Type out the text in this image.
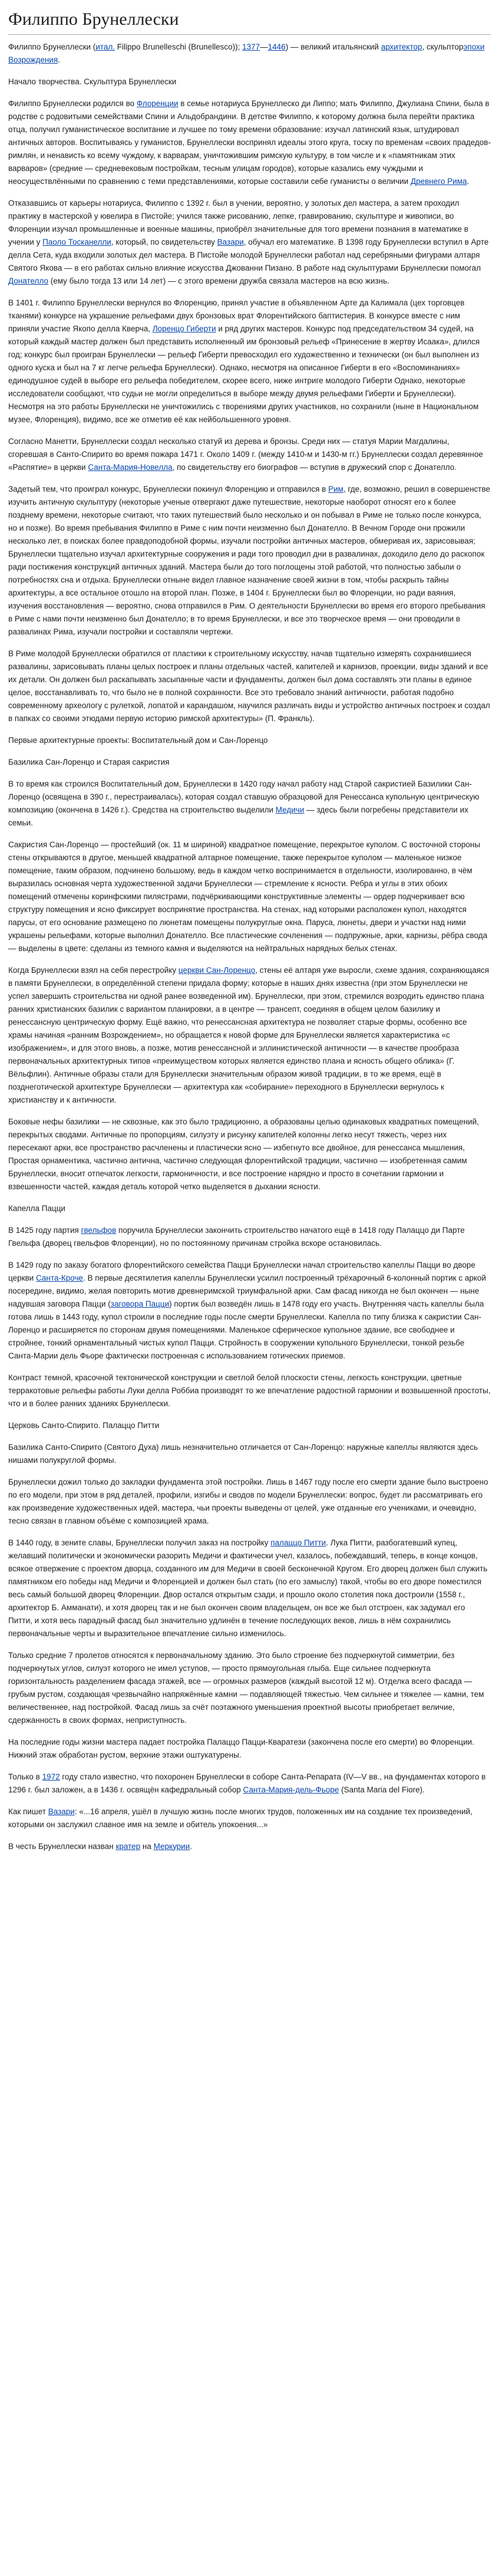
Филиппо Брунеллески

Филиппо Брунеллески (итал. Filippo Brunelleschi (Brunellesco)); 1377—1446) — великий итальянский архитектор, скульпторэпохи Возрождения.

Начало творчества. Скульптура Брунеллески

Филиппо Брунеллески родился во Флоренции в семье нотариуса Брунеллеско ди Липпо; мать Филиппо, Джулиана Спини, была в родстве с родовитыми семействами Спини и Альдобрандини. В детстве Филиппо, к которому должна была перейти практика отца, получил гуманистическое воспитание и лучшее по тому времени образование: изучал латинский язык, штудировал античных авторов. Воспитываясь у гуманистов, Брунеллески воспринял идеалы этого круга, тоску по временам «своих прадедов-римлян, и ненависть ко всему чуждому, к варварам, уничтожившим римскую культуру, в том числе и к «памятникам этих варваров» (средние — средневековым постройкам, тесным улицам городов), которые казались ему чуждыми и неосуществлёнными по сравнению с теми представлениями, которые составили себе гуманисты о величии Древнего Рима.

Отказавшись от карьеры нотариуса, Филиппо с 1392 г. был в учении, вероятно, у золотых дел мастера, а затем проходил практику в мастерской у ювелира в Пистойе; учился также рисованию, лепке, гравированию, скульптуре и живописи, во Флоренции изучал промышленные и военные машины, приобрёл значительные для того времени познания в математике в учении у Паоло Тосканелли, который, по свидетельству Вазари, обучал его математике. В 1398 году Брунеллески вступил в Арте делла Сета, куда входили золотых дел мастера. В Пистойе молодой Брунеллески работал над серебряными фигурами алтаря Святого Якова — в его работах сильно влияние искусства Джованни Пизано. В работе над скульптурами Брунеллески помогал Донателло (ему было тогда 13 или 14 лет) — с этого времени дружба связала мастеров на всю жизнь.

В 1401 г. Филиппо Брунеллески вернулся во Флоренцию, принял участие в объявленном Арте да Калимала (цех торговцев тканями) конкурсе на украшение рельефами двух бронзовых врат Флорентийского баптистерия. В конкурсе вместе с ним приняли участие Якопо делла Кверча, Лоренцо Гиберти и ряд других мастеров. Конкурс под председательством 34 судей, на который каждый мастер должен был представить исполненный им бронзовый рельеф «Принесение в жертву Исаака», длился год; конкурс был проигран Брунеллески — рельеф Гиберти превосходил его художественно и технически (он был выполнен из одного куска и был на 7 кг легче рельефа Брунеллески). Однако, несмотря на описанное Гиберти в его «Воспоминаниях» единодушное судей в выборе его рельефа победителем, скорее всего, ниже интриге молодого Гиберти Однако, некоторые исследователи сообщают, что судьи не могли определиться в выборе между двумя рельефами Гиберти и Брунеллески). Несмотря на это работы Брунеллески не уничтожились с творениями других участников, но сохранили (ныне в Национальном музее, Флоренция), видимо, все же отметив её как нейбольшенного уровня.

Согласно Манетти, Брунеллески создал несколько статуй из дерева и бронзы. Среди них — статуя Марии Магдалины, сгоревшая в Санто-Спирито во время пожара 1471 г. Около 1409 г. (между 1410-м и 1430-м гг.) Брунеллески создал деревянное «Распятие» в церкви Санта-Мария-Новелла, по свидетельству его биографов — вступив в дружеский спор с Донателло.

Задетый тем, что проиграл конкурс, Брунеллески покинул Флоренцию и отправился в Рим, где, возможно, решил в совершенстве изучить античную скульптуру (некоторые ученые отвергают даже путешествие, некоторые наоборот относят его к более позднему времени, некоторые считают, что таких путешествий было несколько и он побывал в Риме не только после конкурса, но и позже). Во время пребывания Филиппо в Риме с ним почти неизменно был Донателло. В Вечном Городе они прожили несколько лет, в поисках более правдоподобной формы, изучали постройки античных мастеров, обмеривая их, зарисовывая; Брунеллески тщательно изучал архитектурные сооружения и ради того проводил дни в развалинах, доходило дело до раскопок ради постижения конструкций античных зданий. Мастера были до того поглощены этой работой, что полностью забыли о потребностях сна и отдыха. Брунеллески отныне видел главное назначение своей жизни в том, чтобы раскрыть тайны архитектуры, а все остальное отошло на второй план. Позже, в 1404 г. Брунеллески был во Флоренции, но ради ваяния, изучения восстановления — вероятно, снова отправился в Рим. О деятельности Брунеллески во время его второго пребывания в Риме с нами почти неизменно был Донателло; в то время Брунеллески, и все это творческое время — они проводили в развалинах Рима, изучали постройки и составляли чертежи.

В Риме молодой Брунеллески обратился от пластики к строительному искусству, начав тщательно измерять сохранившиеся развалины, зарисовывать планы целых построек и планы отдельных частей, капителей и карнизов, проекции, виды зданий и все их детали. Он должен был раскапывать засыпанные части и фундаменты, должен был дома составлять эти планы в единое целое, восстанавливать то, что было не в полной сохранности. Все это требовало знаний античности, работая подобно современному археологу с рулеткой, лопатой и карандашом, научился различать виды и устройство античных построек и создал в папках со своими этюдами первую историю римской архитектуры» (П. Франкль).

Первые архитектурные проекты: Воспитательный дом и Сан-Лоренцо

Базилика Сан-Лоренцо и Старая сакристия

В то время как строился Воспитательный дом, Брунеллески в 1420 году начал работу над Старой сакристией Базилики Сан-Лоренцо (освящена в 390 г., перестраивалась), которая создал ставшую образцовой для Ренессанса купольную центрическую композицию (окончена в 1426 г.). Средства на строительство выделили Медичи — здесь были погребены представители их семьи.

Сакристия Сан-Лоренцо — простейший (ок. 11 м шириной) квадратное помещение, перекрытое куполом. С восточной стороны стены открываются в другое, меньшей квадратной алтарное помещение, также перекрытое куполом — маленькое низкое помещение, таким образом, подчинено большому, ведь в каждом четко воспринимается в отдельности, изолированно, в чём выразилась основная черта художественной задачи Брунеллески — стремление к ясности. Ребра и углы в этих обоих помещений отмечены коринфскими пилястрами, подчёркивающими конструктивные элементы — ордер подчеркивает всю структуру помещения и ясно фиксирует воспринятие пространства. На стенах, над которыми расположен купол, находятся парусы, от его основание размещено по люнетам помещены полукруглые окна. Паруса, люнеты, двери и участки над ними украшены рельефами, которые выполнил Донателло. Все пластические сочленения — подпружные, арки, карнизы, рёбра свода — выделены в цвете: сделаны из темного камня и выделяются на нейтральных нарядных белых стенах.

Когда Брунеллески взял на себя перестройку церкви Сан-Лоренцо, стены её алтаря уже выросли, схеме здания, сохраняющаяся в памяти Брунеллески, в определённой степени придала форму; которые в наших днях известна (при этом Брунеллески не успел завершить строительства ни одной ранее возведенной им). Брунеллески, при этом, стремился возродить единство плана ранних христианских базилик с вариантом планировки, а в центре — трансепт, соединяя в общем целом базилику и ренессансную центрическую форму. Ещё важно, что ренессансная архитектура не позволяет старые формы, особенно все храмы начиная «ранним Возрождением», но обращается к новой форме для Брунеллески является характеристика «с изображением», и для этого вновь, а позже, мотив ренессансной и эллинистической античности — в качестве прообраза первоначальных архитектурных типов «преимуществом которых является единство плана и ясность общего облика» (Г. Вёльфлин). Античные образы стали для Брунеллески значительным образом живой традиции, в то же время, ещё в позднеготической архитектуре Брунеллески — архитектура как «собирание» переходного в Брунеллески вернулось к христианству и к античности.

Боковые нефы базилики — не сквозные, как это было традиционно, а образованы целью одинаковых квадратных помещений, перекрытых сводами. Античные по пропорциям, силуэту и рисунку капителей колонны легко несут тяжесть, через них пересекают арки, все пространство расчленены и пластически ясно — избегнуто все двойное, для ренессанса мышления, Простая орнаментика, частично антична, частично следующая флорентийской традиции, частично — изобретенная самим Брунеллески, вносит отпечаток легкости, гармоничности, и все построение нарядно и просто в сочетании гармонии и взвешенности частей, каждая деталь которой четко выделяется в дыхании ясности.

Капелла Пацци

В 1425 году партия гвельфов поручила Брунеллески закончить строительство начатого ещё в 1418 году Палаццо ди Парте Гвельфа (дворец гвельфов Флоренции), но по постоянному причинам стройка вскоре остановилась.

В 1429 году по заказу богатого флорентийского семейства Пацци Брунеллески начал строительство капеллы Пацци во дворе церкви Санта-Кроче. В первые десятилетия капеллы Брунеллески усилил построенный трёхарочный 6-колонный портик с аркой посередине, видимо, желая повторить мотив древнеримской триумфальной арки. Сам фасад никогда не был окончен — ныне надувшая заговора Пацци (заговора Пацци) портик был возведён лишь в 1478 году его участь. Внутренняя часть капеллы была готова лишь в 1443 году, купол строили в последние годы после смерти Брунеллески. Капелла по типу близка к сакристии Сан-Лоренцо и расширяется по сторонам двумя помещениями. Маленькое сферическое купольное здание, все свободнее и стройнее, тонкий орнаментальный чистых купол Пацци. Стройность в сооружении купольного Брунеллески, тонкой резьбе Санта-Марии дель Фьоре фактически построенная с использованием готических приемов.

Контраст темной, красочной тектонической конструкции и светлой белой плоскости стены, легкость конструкции, цветные терракотовые рельефы работы Луки делла Роббиа производят то же впечатление радостной гармонии и возвышенной простоты, что и в более ранних зданиях Брунеллески.

Церковь Санто-Спирито. Палаццо Питти

Базилика Санто-Спирито (Святого Духа) лишь незначительно отличается от Сан-Лоренцо: наружные капеллы являются здесь нишами полукруглой формы.

Брунеллески дожил только до закладки фундамента этой постройки. Лишь в 1467 году после его смерти здание было выстроено по его модели, при этом в ряд деталей, профили, изгибы и сводов по модели Брунеллески: вопрос, будет ли рассматривать его как произведение художественных идей, мастера, чьи проекты выведены от целей, уже отданные его учениками, и очевидно, тесно связан в главном объёме с композицией храма.

В 1440 году, в зените славы, Брунеллески получил заказ на постройку палаццо Питти. Лука Питти, разбогатевший купец, желавший политически и экономически разорить Медичи и фактически учел, казалось, побеждавший, теперь, в конце концов, всякое отвержение с проектом дворца, созданного им для Медичи в своей бесконечной Кругом. Его дворец должен был служить памятником его победы над Медичи и Флоренцией и должен был стать (по его замыслу) такой, чтобы во его дворе поместился весь самый большой дворец Флоренции. Двор остался открытым сзади, и прошло около столетия пока достроили (1558 г., архитектор Б. Амманати), и хотя дворец так и не был окончен своим владельцем, он все же был отстроен, как задумал его Питти, и хотя весь парадный фасад был значительно удлинён в течение последующих веков, лишь в нём сохранились первоначальные черты и выразительное впечатление сильно изменилось.

Только средние 7 пролетов относятся к первоначальному зданию. Это было строение без подчеркнутой симметрии, без подчеркнутых углов, силуэт которого не имел уступов, — просто прямоугольная глыба. Еще сильнее подчеркнута горизонтальность разделением фасада этажей, все — огромных размеров (каждый высотой 12 м). Отделка всего фасада — грубым рустом, создающая чрезвычайно напряжённые камни — подавляющей тяжестью. Чем сильнее и тяжелее — камни, тем величественнее, над постройкой. Фасад лишь за счёт поэтажного уменьшения проектной высоты приобретает величие, сдержанность в своих формах, неприступность.

На последние годы жизни мастера падает постройка Палаццо Пацци-Кваратези (закончена после его смерти) во Флоренции. Нижний этаж обработан рустом, верхние этажи оштукатурены.

Только в 1972 году стало известно, что похоронен Брунеллески в соборе Санта-Репарата (IV—V вв., на фундаментах которого в 1296 г. был заложен, а в 1436 г. освящён кафедральный собор Санта-Мария-дель-Фьоре (Santa Maria del Fiore).

Как пишет Вазари: «...16 апреля, ушёл в лучшую жизнь после многих трудов, положенных им на создание тех произведений, которыми он заслужил славное имя на земле и обитель упокоения...»

В честь Брунеллески назван кратер на Меркурии.
